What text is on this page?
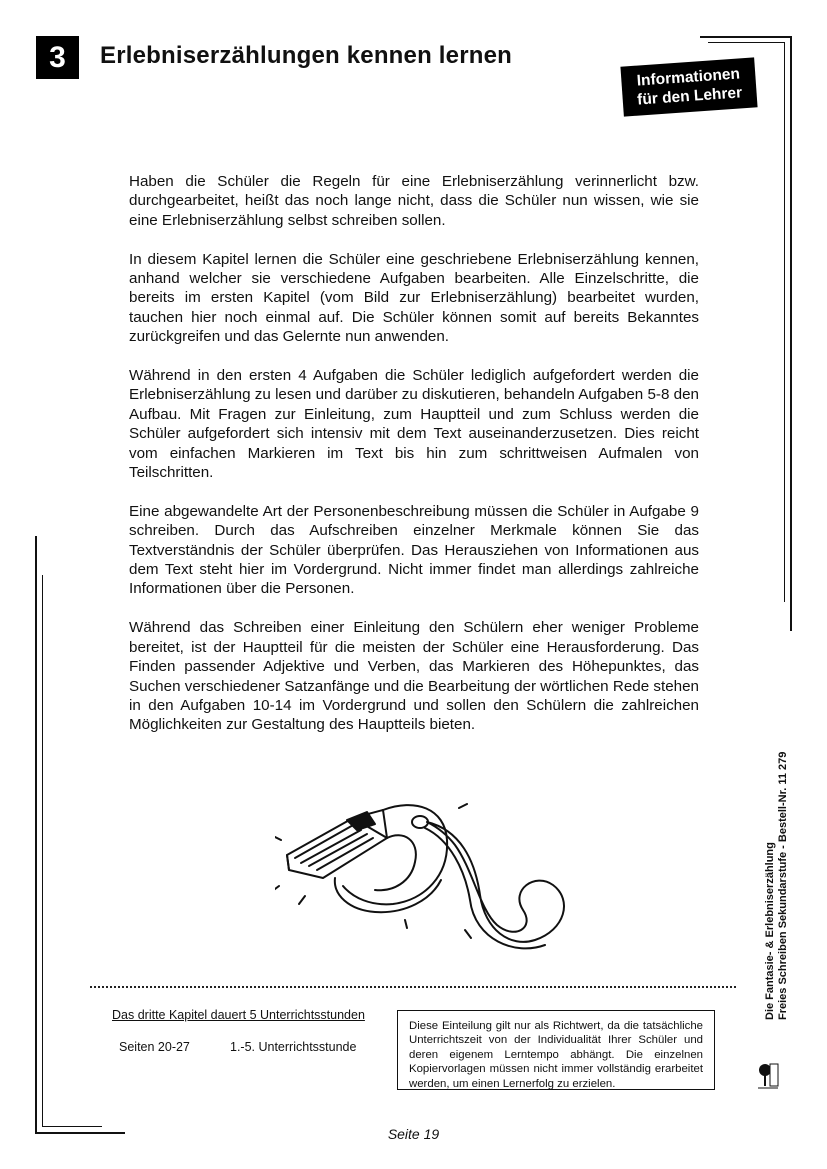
3 Erlebniserzählungen kennen lernen
Informationen
für den Lehrer

Haben die Schüler die Regeln für eine Erlebniserzählung verinnerlicht bzw. durchgearbeitet, heißt das noch lange nicht, dass die Schüler nun wissen, wie sie eine Erlebniserzählung selbst schreiben sollen.

In diesem Kapitel lernen die Schüler eine geschriebene Erlebniserzählung kennen, anhand welcher sie verschiedene Aufgaben bearbeiten. Alle Einzelschritte, die bereits im ersten Kapitel (vom Bild zur Erlebniserzählung) bearbeitet wurden, tauchen hier noch einmal auf. Die Schüler können somit auf bereits Bekanntes zurückgreifen und das Gelernte nun anwenden.

Während in den ersten 4 Aufgaben die Schüler lediglich aufgefordert werden die Erlebniserzählung zu lesen und darüber zu diskutieren, behandeln Aufgaben 5-8 den Aufbau. Mit Fragen zur Einleitung, zum Hauptteil und zum Schluss werden die Schüler aufgefordert sich intensiv mit dem Text auseinanderzusetzen. Dies reicht vom einfachen Markieren im Text bis hin zum schrittweisen Aufmalen von Teilschritten.

Eine abgewandelte Art der Personenbeschreibung müssen die Schüler in Aufgabe 9 schreiben. Durch das Aufschreiben einzelner Merkmale können Sie das Textverständnis der Schüler überprüfen. Das Herausziehen von Informationen aus dem Text steht hier im Vordergrund. Nicht immer findet man allerdings zahlreiche Informationen über die Personen.

Während das Schreiben einer Einleitung den Schülern eher weniger Probleme bereitet, ist der Hauptteil für die meisten der Schüler eine Herausforderung. Das Finden passender Adjektive und Verben, das Markieren des Höhepunktes, das Suchen verschiedener Satzanfänge und die Bearbeitung der wörtlichen Rede stehen in den Aufgaben 10-14 im Vordergrund und sollen den Schülern die zahlreichen Möglichkeiten zur Gestaltung des Hauptteils bieten.

Das dritte Kapitel dauert 5 Unterrichtsstunden
Seiten 20-27	1.-5. Unterrichtsstunde
Diese Einteilung gilt nur als Richtwert, da die tatsächliche Unterrichtszeit von der Individualität Ihrer Schüler und deren eigenem Lerntempo abhängt. Die einzelnen Kopiervorlagen müssen nicht immer vollständig erarbeitet werden, um einen Lernerfolg zu erzielen.
Die Fantasie- & Erlebniserzählung Freies Schreiben Sekundarstufe - Bestell-Nr. 11 279
Seite 19
